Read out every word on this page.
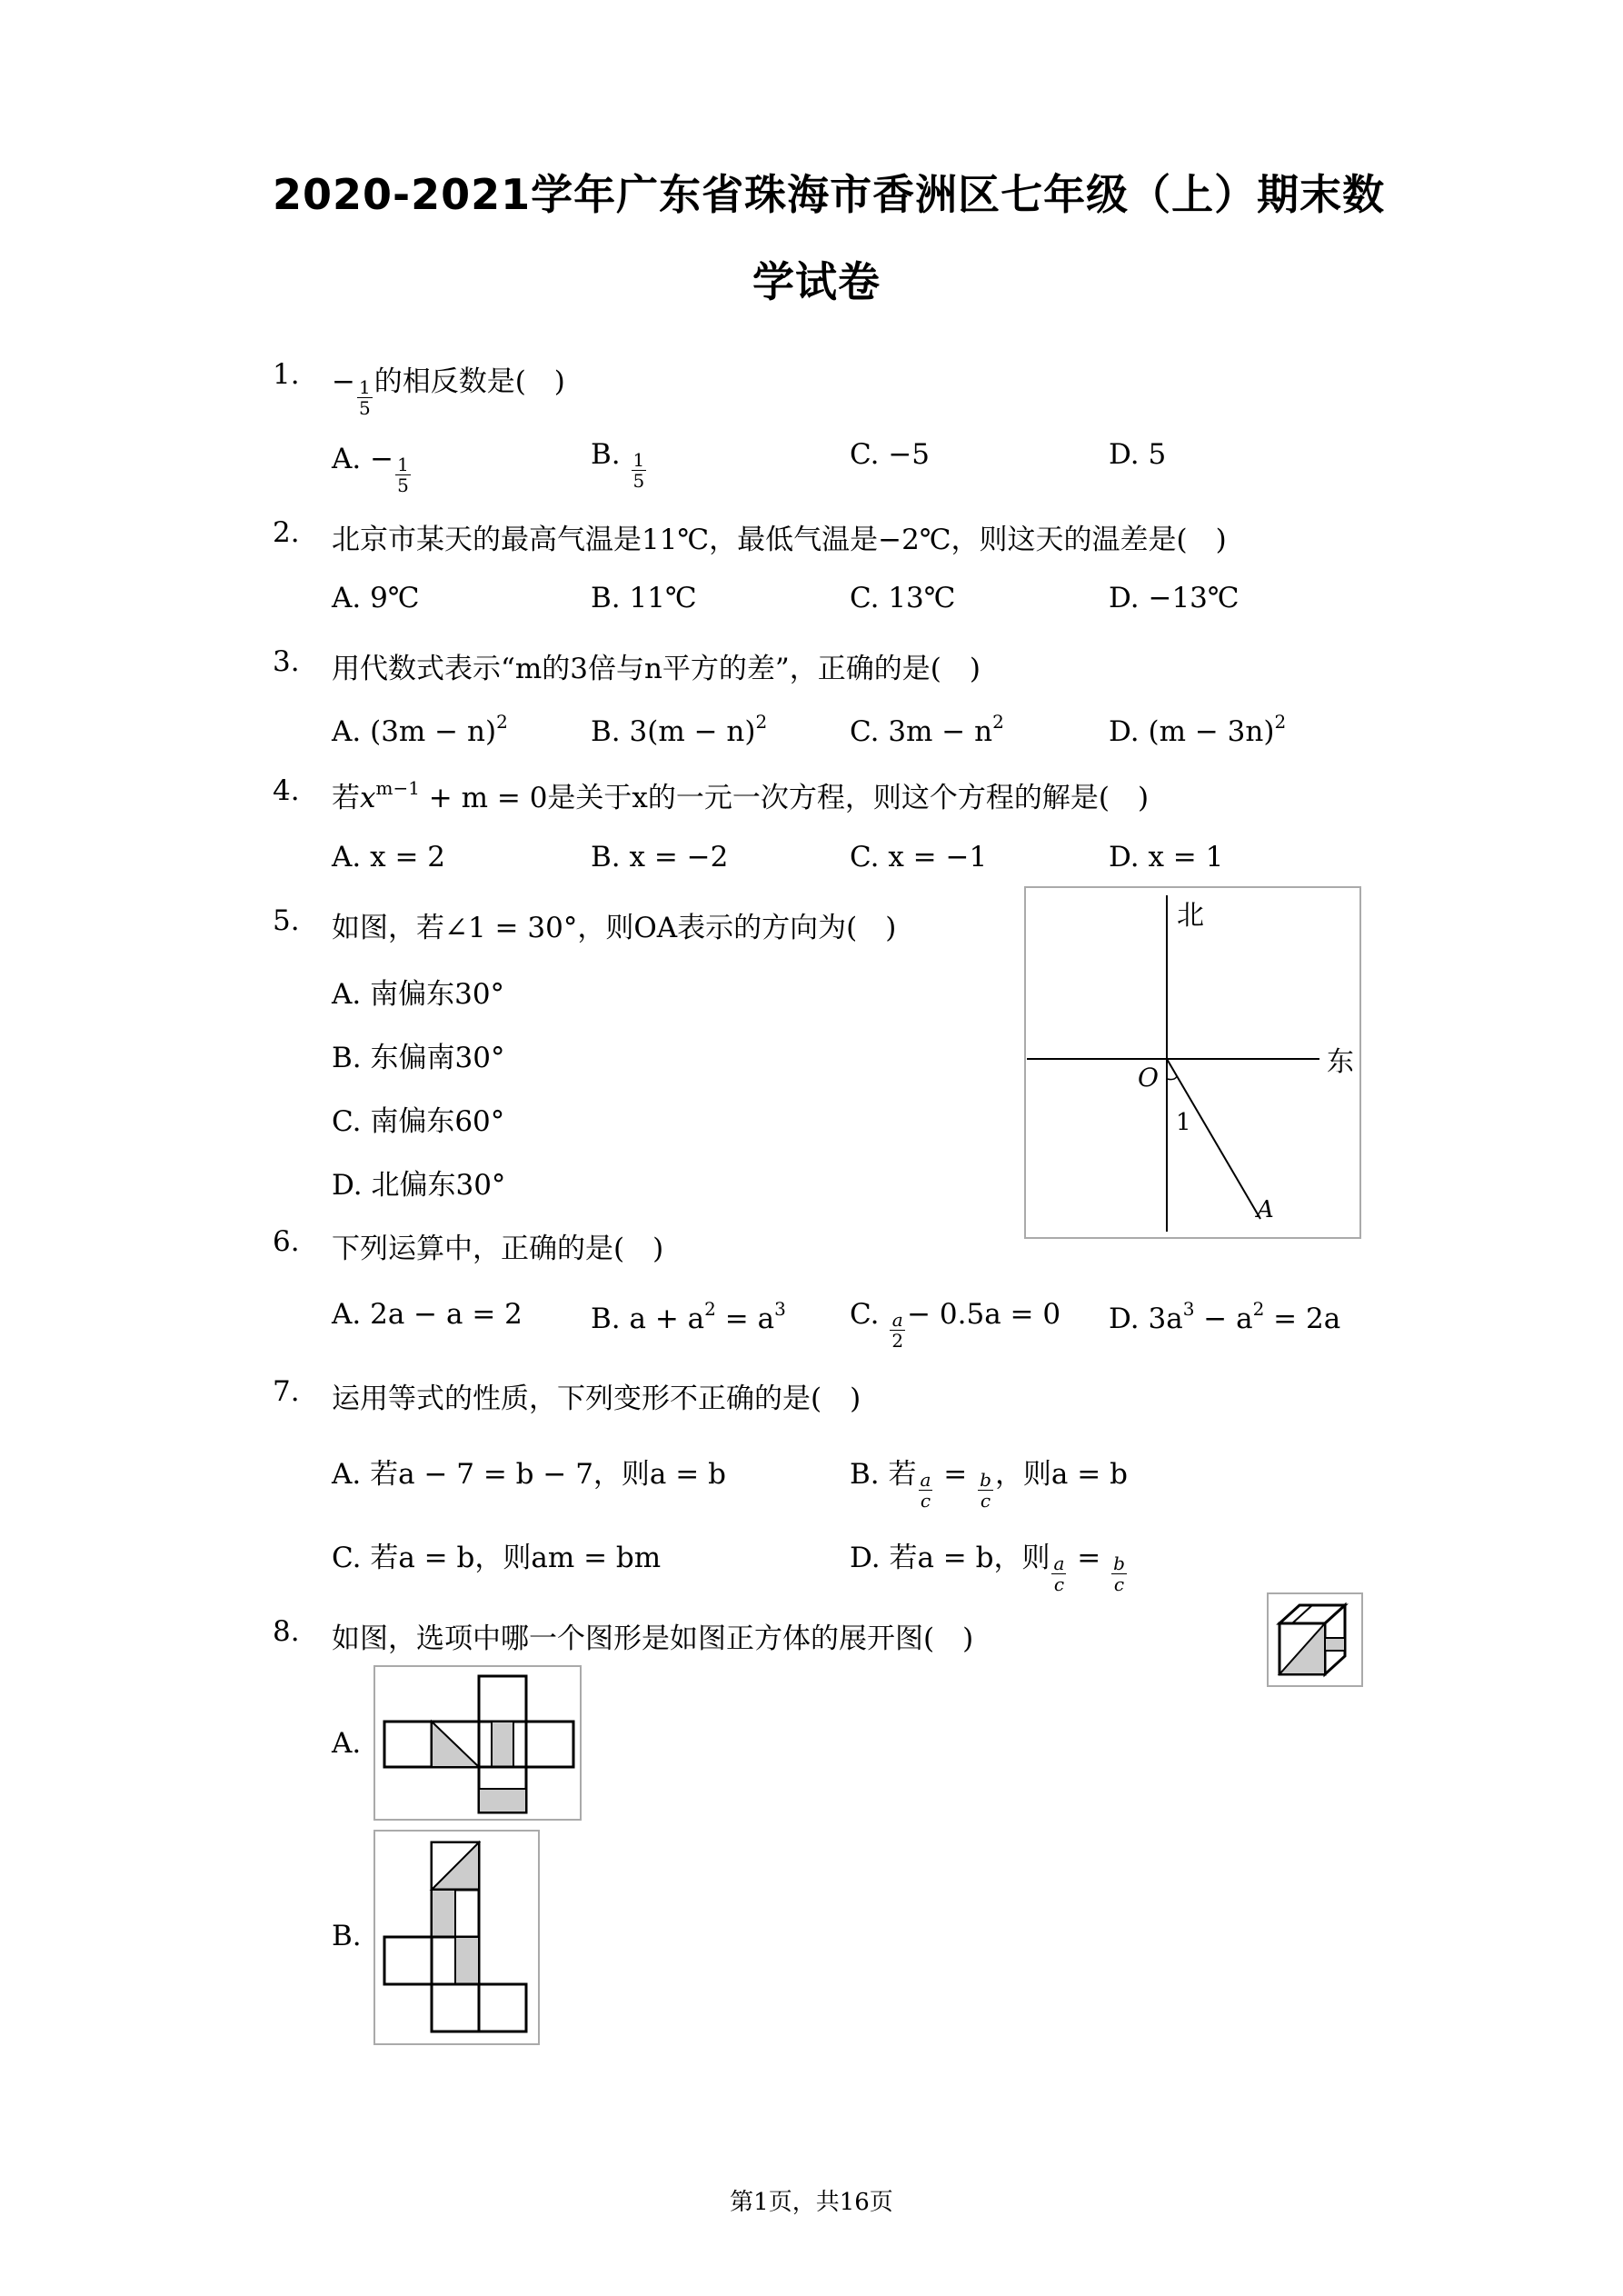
2020-2021学年广东省珠海市香洲区七年级（上）期末数
学试卷
1. − $\frac{1}{5}$ 的相反数是(　)
A. − $\frac{1}{5}$	B. $\frac{1}{5}$	C. −5	D. 5
2. 北京市某天的最高气温是11℃，最低气温是−2℃，则这天的温差是(　)
A. 9℃	B. 11℃	C. 13℃	D. −13℃
3. 用代数式表示“m的3倍与n平方的差”，正确的是(　)
A. $(3m - n)^2$	B. $3(m - n)^2$	C. $3m - n^2$	D. $(m - 3n)^2$
4. 若$x^{m-1} + m = 0$是关于x的一元一次方程，则这个方程的解是(　)
A. x = 2	B. x = −2	C. x = −1	D. x = 1
5. 如图，若∠1 = 30°，则OA表示的方向为(　)
A. 南偏东30°
B. 东偏南30°
C. 南偏东60°
D. 北偏东30°
北
东
O
1
A
6. 下列运算中，正确的是(　)
A. 2a − a = 2 B. $a + a^2 = a^3$ C. $\frac{a}{2} - 0.5a = 0$ D. $3a^3 - a^2 = 2a$
7. 运用等式的性质，下列变形不正确的是(　)
A. 若a − 7 = b − 7，则a = b	B. 若 $\frac{a}{c} = \frac{b}{c}$ ，则a = b
C. 若a = b，则am = bm	D. 若a = b，则 $\frac{a}{c} = \frac{b}{c}$
8. 如图，选项中哪一个图形是如图正方体的展开图(　)
A.
B.
第1页，共16页
